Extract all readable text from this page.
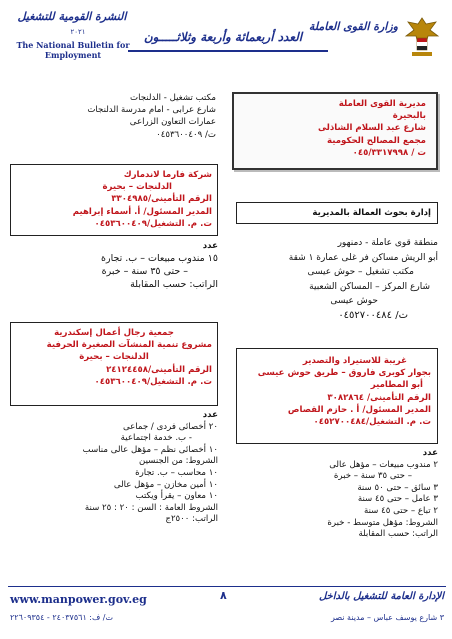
النشرة القومية للتشغيل
٢٠٢١
The National Bulletin for Employment
العدد أربعمائة وأربعة وثلاثـــــون
وزارة القوى العاملة
مكتب تشغيل - الدلنجات
شارع عرابى - امام مدرسة الدلنجات
عمارات التعاون الزراعى
ت/ ٠٤٥٣٦٠٠٤٠٩
شركة فارما لاندمارك
الدلنجات – بحيرة
الرقم التأمينى/٣٣٠٤٩٨٥
المدير المسئول/ أ. أسماء إبراهيم
ت. م. التشغيل/٠٤٥٣٦٠٠٤٠٩
عدد
١٥ مندوب مبيعات – ب. تجارة
– حتى ٣٥ سنة – خبرة
الراتب: حسب المقابلة
جمعية رجال أعمال إسكندرية
مشروع تنمية المنشآت الصغيرة الحرفية
الدلنجات – بحيرة
الرقم التأمينى/٢٤١٢٤٤٥٨
ت. م. التشغيل/٠٤٥٣٦٠٠٤٠٩
عدد
٢٠ أخصائى فردى / جماعى
- ب. خدمة اجتماعية
١٠ أخصائى نظم – مؤهل عالى مناسب
الشروط: من الجنسين
١٠ محاسب – ب. تجارة
١٠ أمين مخازن – مؤهل عالى
١٠ معاون – يقرأ ويكتب
الشروط العامة : السن : ٢٠ : ٢٥ سنة
الراتب: ٢٥٠٠ج
مديرية القوى العاملة
بالبحيرة
شارع عبد السلام الشاذلى
مجمع المصالح الحكومية
ت / ٠٤٥/٣٣١٧٩٩٨
إدارة بحوث العمالة بالمديرية
منطقة قوى عاملة - دمنهور
أبو الريش مساكن فر غلى عمارة ١ شقة
مكتب تشغيل – حوش عيسى
شارع المركز – المساكن الشعبية
حوش عيسى
ت/ ٠٤٥٢٧٠٠٤٨٤
غريبة للاستيراد والتصدير
بجوار كوبرى فاروق – طريق حوش عيسى
أبو المطامير
الرقم التأمينى/ ٣٠٨٢٨٦٤
المدير المسئول/ أ . حازم القصاص
ت. م. التشغيل/٠٤٥٢٧٠٠٤٨٤
عدد
٢ مندوب مبيعات – مؤهل عالى
– حتى ٣٥ سنة – خبرة
٣ سائق – حتى ٥٠ سنة
٣ عامل – حتى ٤٥ سنة
٢ تباع – حتى ٤٥ سنة
الشروط: مؤهل متوسط - خبرة
الراتب: حسب المقابلة
www.manpower.gov.eg	٨	الإدارة العامة للتشغيل بالداخل
ت/ ف: ٢٤٠٣٧٥٦١ - ٢٢٦٠٩٣٥٤	٣ شارع يوسف عباس – مدينة نصر
